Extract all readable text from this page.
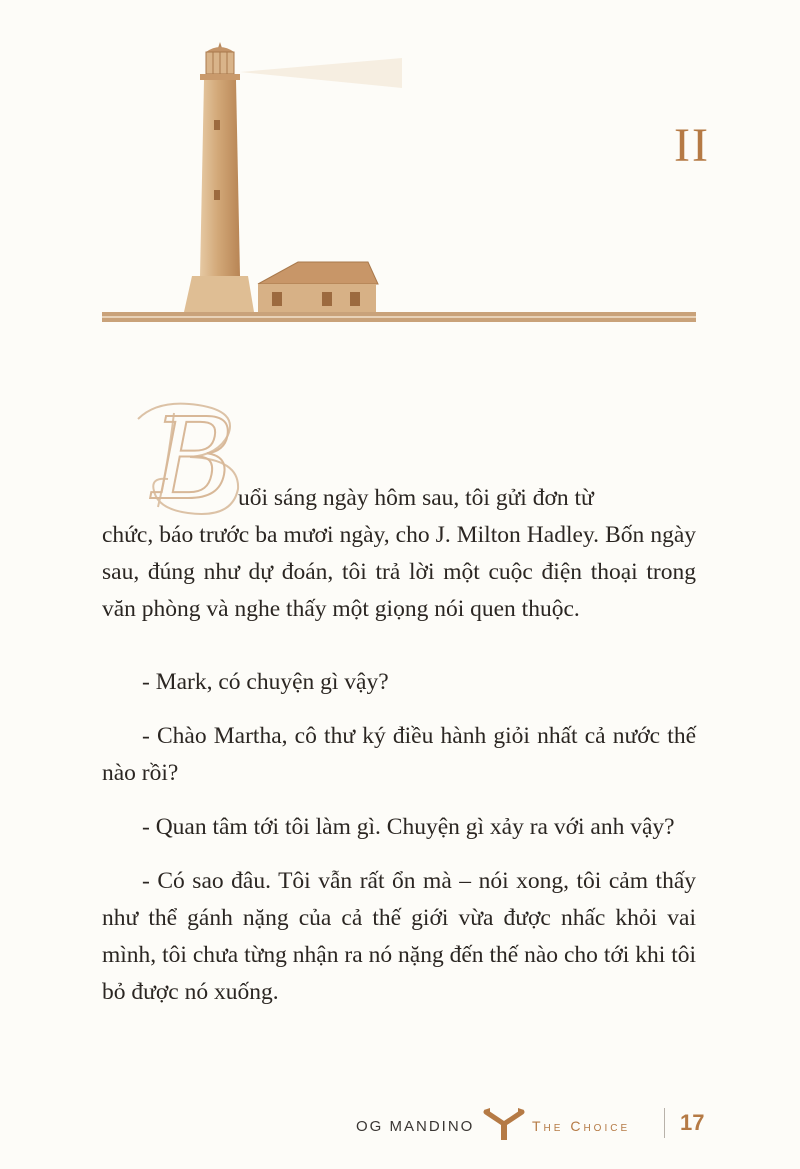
II
B uổi sáng ngày hôm sau, tôi gửi đơn từ
chức, báo trước ba mươi ngày, cho J. Milton Hadley. Bốn ngày sau, đúng như dự đoán, tôi trả lời một cuộc điện thoại trong văn phòng và nghe thấy một giọng nói quen thuộc.

- Mark, có chuyện gì vậy?

- Chào Martha, cô thư ký điều hành giỏi nhất cả nước thế nào rồi?

- Quan tâm tới tôi làm gì. Chuyện gì xảy ra với anh vậy?

- Có sao đâu. Tôi vẫn rất ổn mà – nói xong, tôi cảm thấy như thể gánh nặng của cả thế giới vừa được nhấc khỏi vai mình, tôi chưa từng nhận ra nó nặng đến thế nào cho tới khi tôi bỏ được nó xuống.

OG MANDINO	The Choice 17
